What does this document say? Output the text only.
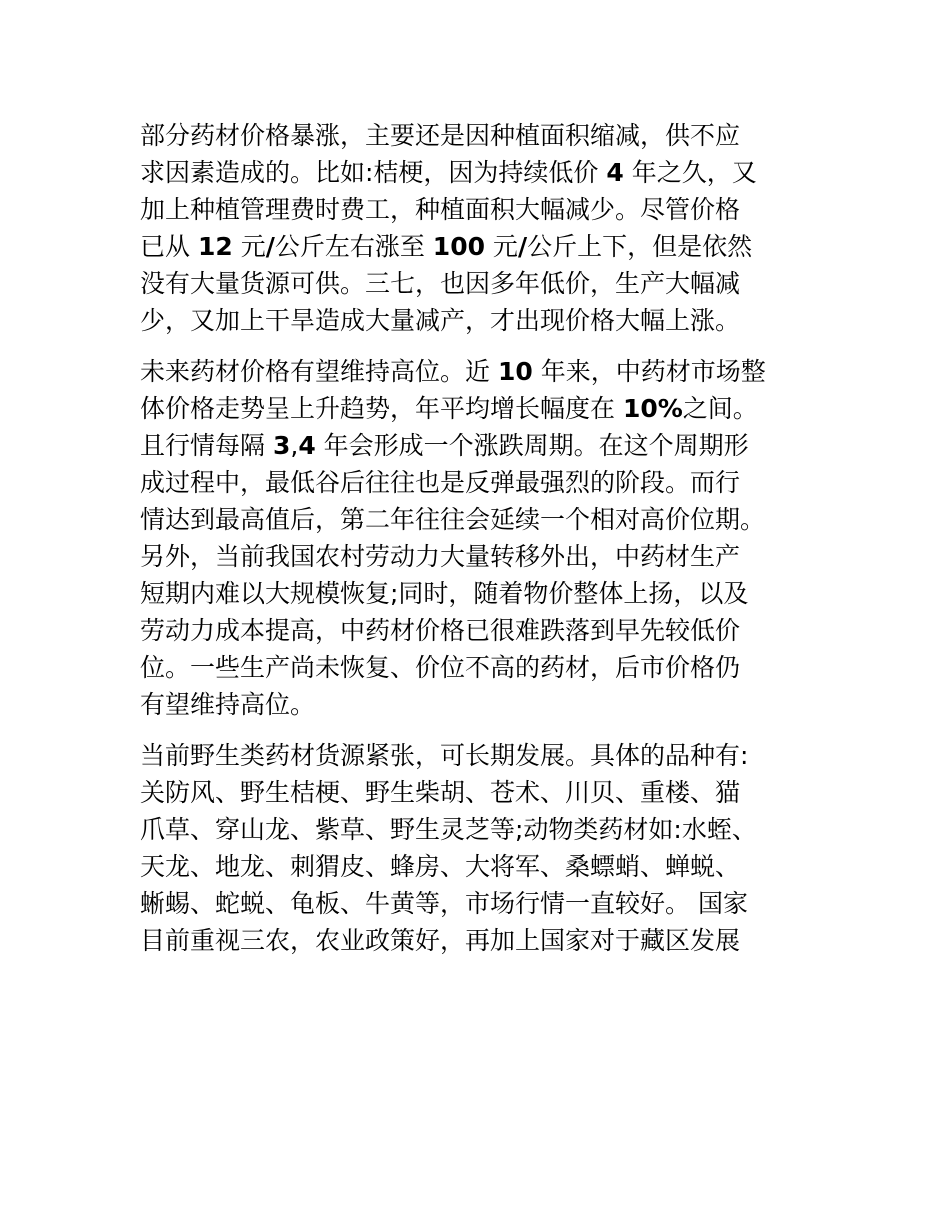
部分药材价格暴涨，主要还是因种植面积缩减，供不应
求因素造成的。比如:桔梗，因为持续低价 4 年之久，又
加上种植管理费时费工，种植面积大幅减少。尽管价格
已从 12 元/公斤左右涨至 100 元/公斤上下，但是依然
没有大量货源可供。三七，也因多年低价，生产大幅减
少，又加上干旱造成大量减产，才出现价格大幅上涨。
未来药材价格有望维持高位。近 10 年来，中药材市场整
体价格走势呈上升趋势，年平均增长幅度在 10%之间。
且行情每隔 3,4 年会形成一个涨跌周期。在这个周期形
成过程中，最低谷后往往也是反弹最强烈的阶段。而行
情达到最高值后，第二年往往会延续一个相对高价位期。
另外，当前我国农村劳动力大量转移外出，中药材生产
短期内难以大规模恢复;同时，随着物价整体上扬，以及
劳动力成本提高，中药材价格已很难跌落到早先较低价
位。一些生产尚未恢复、价位不高的药材，后市价格仍
有望维持高位。
当前野生类药材货源紧张，可长期发展。具体的品种有:
关防风、野生桔梗、野生柴胡、苍术、川贝、重楼、猫
爪草、穿山龙、紫草、野生灵芝等;动物类药材如:水蛭、
天龙、地龙、刺猬皮、蜂房、大将军、桑螵蛸、蝉蜕、
蜥蜴、蛇蜕、龟板、牛黄等，市场行情一直较好。 国家
目前重视三农，农业政策好，再加上国家对于藏区发展
